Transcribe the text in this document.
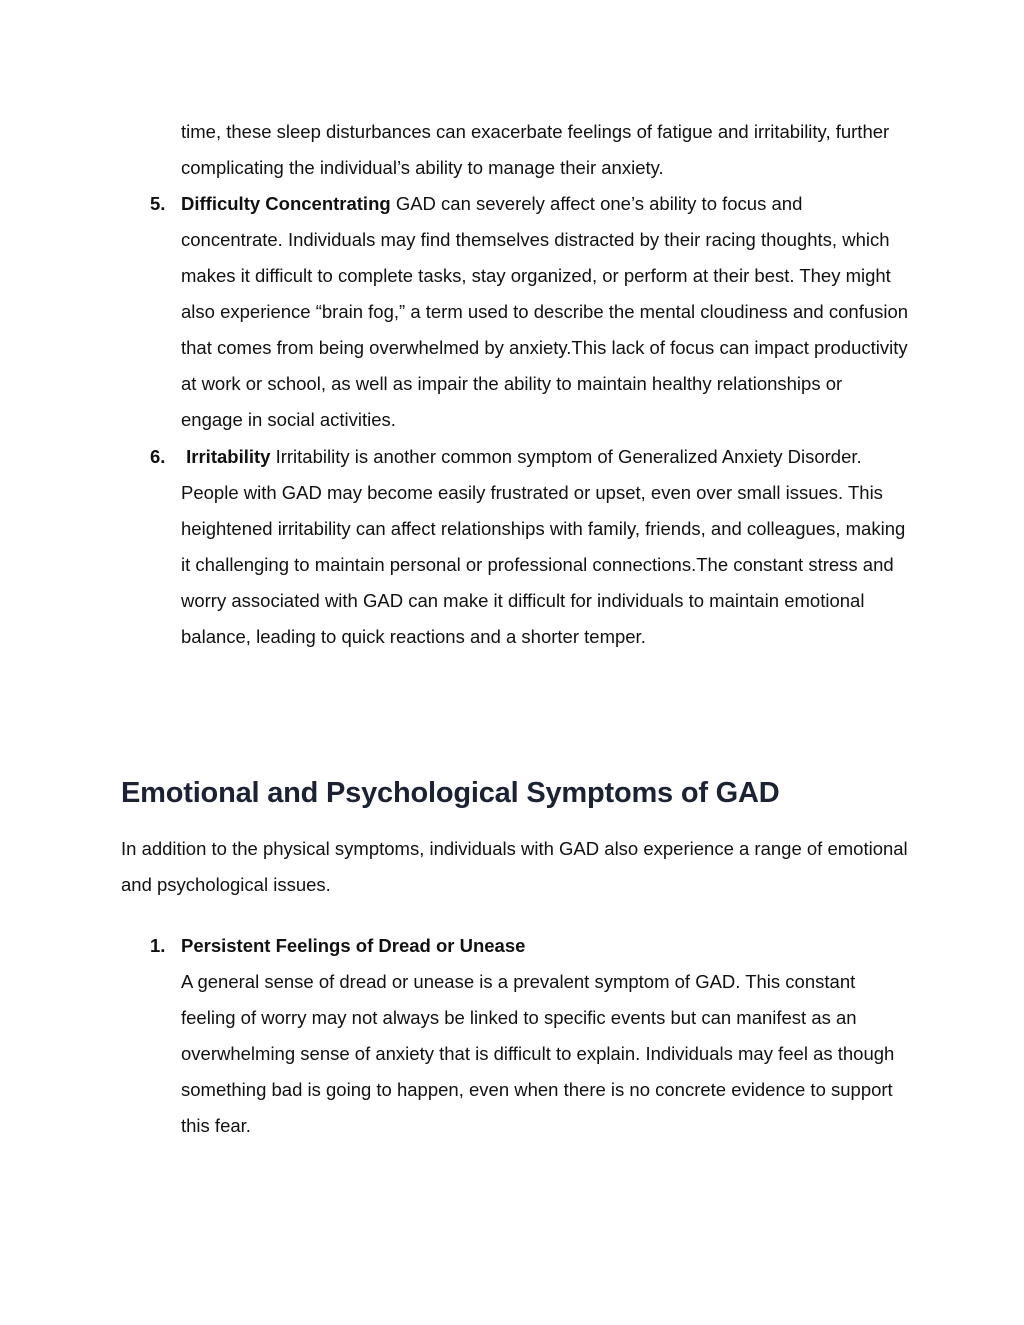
time, these sleep disturbances can exacerbate feelings of fatigue and irritability, further complicating the individual’s ability to manage their anxiety.

5. Difficulty Concentrating GAD can severely affect one’s ability to focus and concentrate. Individuals may find themselves distracted by their racing thoughts, which makes it difficult to complete tasks, stay organized, or perform at their best. They might also experience “brain fog,” a term used to describe the mental cloudiness and confusion that comes from being overwhelmed by anxiety.This lack of focus can impact productivity at work or school, as well as impair the ability to maintain healthy relationships or engage in social activities.

6. Irritability Irritability is another common symptom of Generalized Anxiety Disorder. People with GAD may become easily frustrated or upset, even over small issues. This heightened irritability can affect relationships with family, friends, and colleagues, making it challenging to maintain personal or professional connections.The constant stress and worry associated with GAD can make it difficult for individuals to maintain emotional balance, leading to quick reactions and a shorter temper.

Emotional and Psychological Symptoms of GAD

In addition to the physical symptoms, individuals with GAD also experience a range of emotional and psychological issues.

1. Persistent Feelings of Dread or Unease
A general sense of dread or unease is a prevalent symptom of GAD. This constant feeling of worry may not always be linked to specific events but can manifest as an overwhelming sense of anxiety that is difficult to explain. Individuals may feel as though something bad is going to happen, even when there is no concrete evidence to support this fear.
